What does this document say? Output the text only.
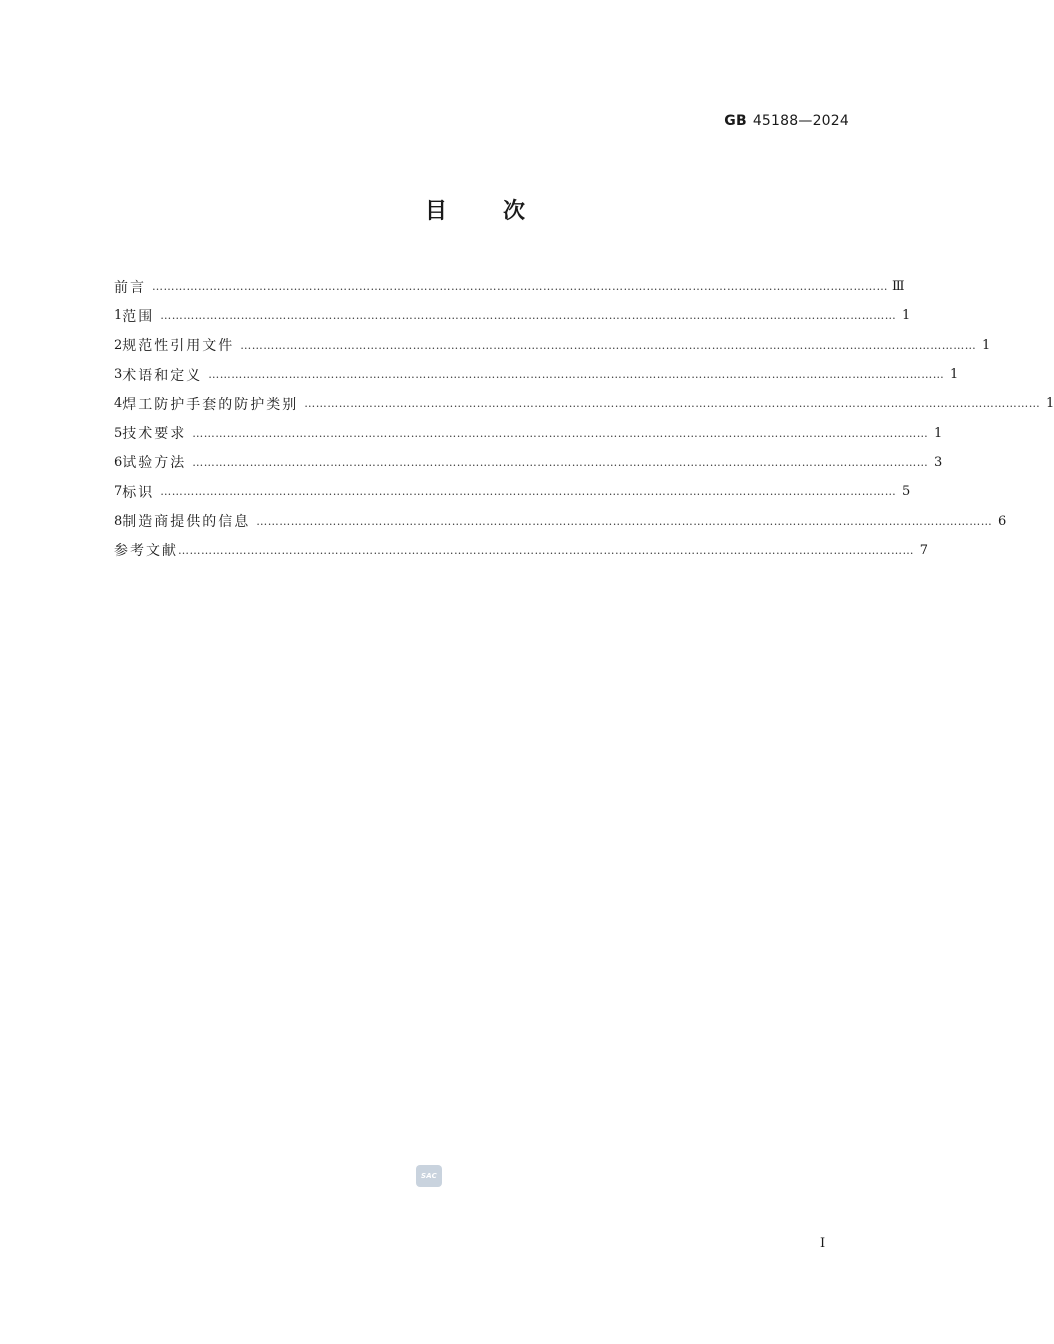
GB 45188—2024
目	次
前言 ………………………………………………………………………………………………………………………………………………………………………… Ⅲ
1 范围 ………………………………………………………………………………………………………………………………………………………………………… 1
2 规范性引用文件 ………………………………………………………………………………………………………………………………………………………………………… 1
3 术语和定义 ………………………………………………………………………………………………………………………………………………………………………… 1
4 焊工防护手套的防护类别 ………………………………………………………………………………………………………………………………………………………………………… 1
5 技术要求 ………………………………………………………………………………………………………………………………………………………………………… 1
6 试验方法 ………………………………………………………………………………………………………………………………………………………………………… 3
7 标识 ………………………………………………………………………………………………………………………………………………………………………… 5
8 制造商提供的信息 ………………………………………………………………………………………………………………………………………………………………………… 6
参考文献 ………………………………………………………………………………………………………………………………………………………………………… 7
SAC
I
